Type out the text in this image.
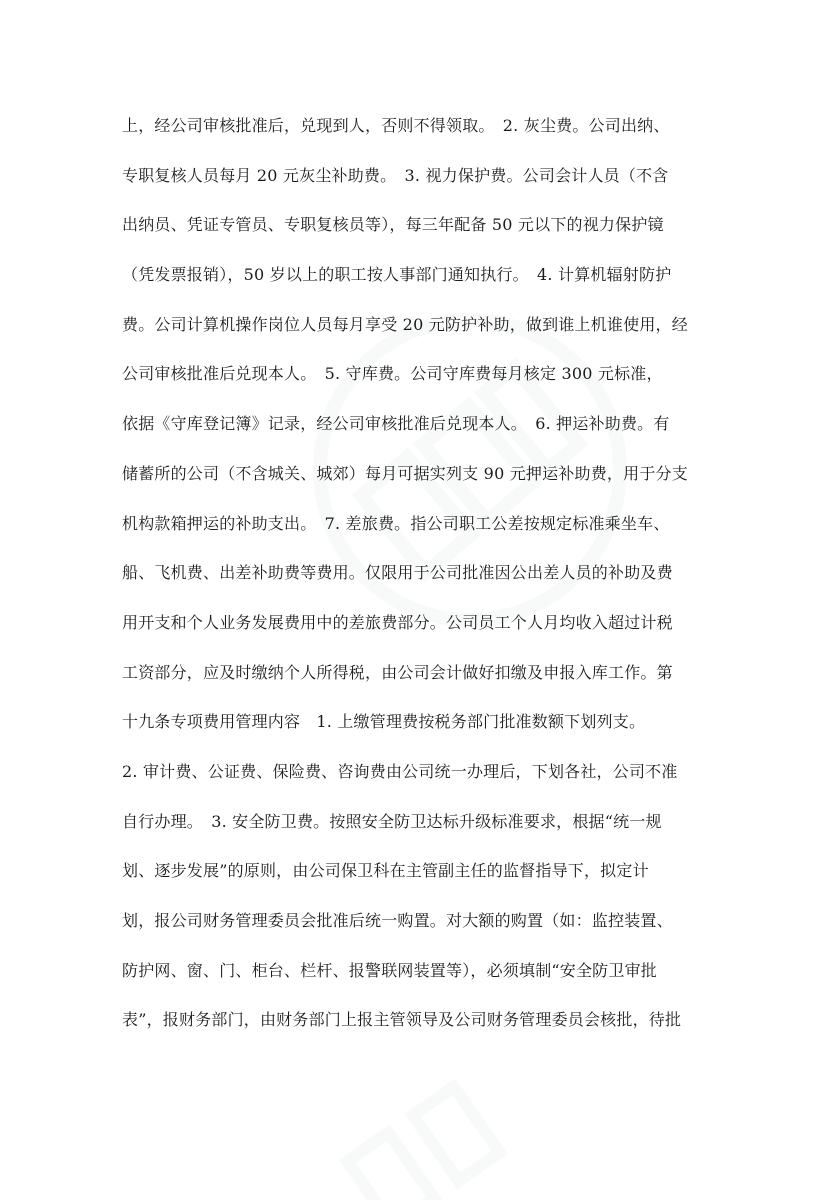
上，经公司审核批准后，兑现到人，否则不得领取。　2. 灰尘费。公司出纳、
专职复核人员每月 20 元灰尘补助费。　3. 视力保护费。公司会计人员（不含
出纳员、凭证专管员、专职复核员等），每三年配备 50 元以下的视力保护镜
（凭发票报销），50 岁以上的职工按人事部门通知执行。　4. 计算机辐射防护
费。公司计算机操作岗位人员每月享受 20 元防护补助，做到谁上机谁使用，经
公司审核批准后兑现本人。　5. 守库费。公司守库费每月核定 300 元标准，
依据《守库登记簿》记录，经公司审核批准后兑现本人。　6. 押运补助费。有
储蓄所的公司（不含城关、城郊）每月可据实列支 90 元押运补助费，用于分支
机构款箱押运的补助支出。　7. 差旅费。指公司职工公差按规定标准乘坐车、
船、飞机费、出差补助费等费用。仅限用于公司批准因公出差人员的补助及费
用开支和个人业务发展费用中的差旅费部分。公司员工个人月均收入超过计税
工资部分，应及时缴纳个人所得税，由公司会计做好扣缴及申报入库工作。第
十九条专项费用管理内容　1. 上缴管理费按税务部门批准数额下划列支。
2. 审计费、公证费、保险费、咨询费由公司统一办理后，下划各社，公司不准
自行办理。　3. 安全防卫费。按照安全防卫达标升级标准要求，根据“统一规
划、逐步发展”的原则，由公司保卫科在主管副主任的监督指导下，拟定计
划，报公司财务管理委员会批准后统一购置。对大额的购置（如：监控装置、
防护网、窗、门、柜台、栏杆、报警联网装置等），必须填制“安全防卫审批
表”，报财务部门，由财务部门上报主管领导及公司财务管理委员会核批，待批
